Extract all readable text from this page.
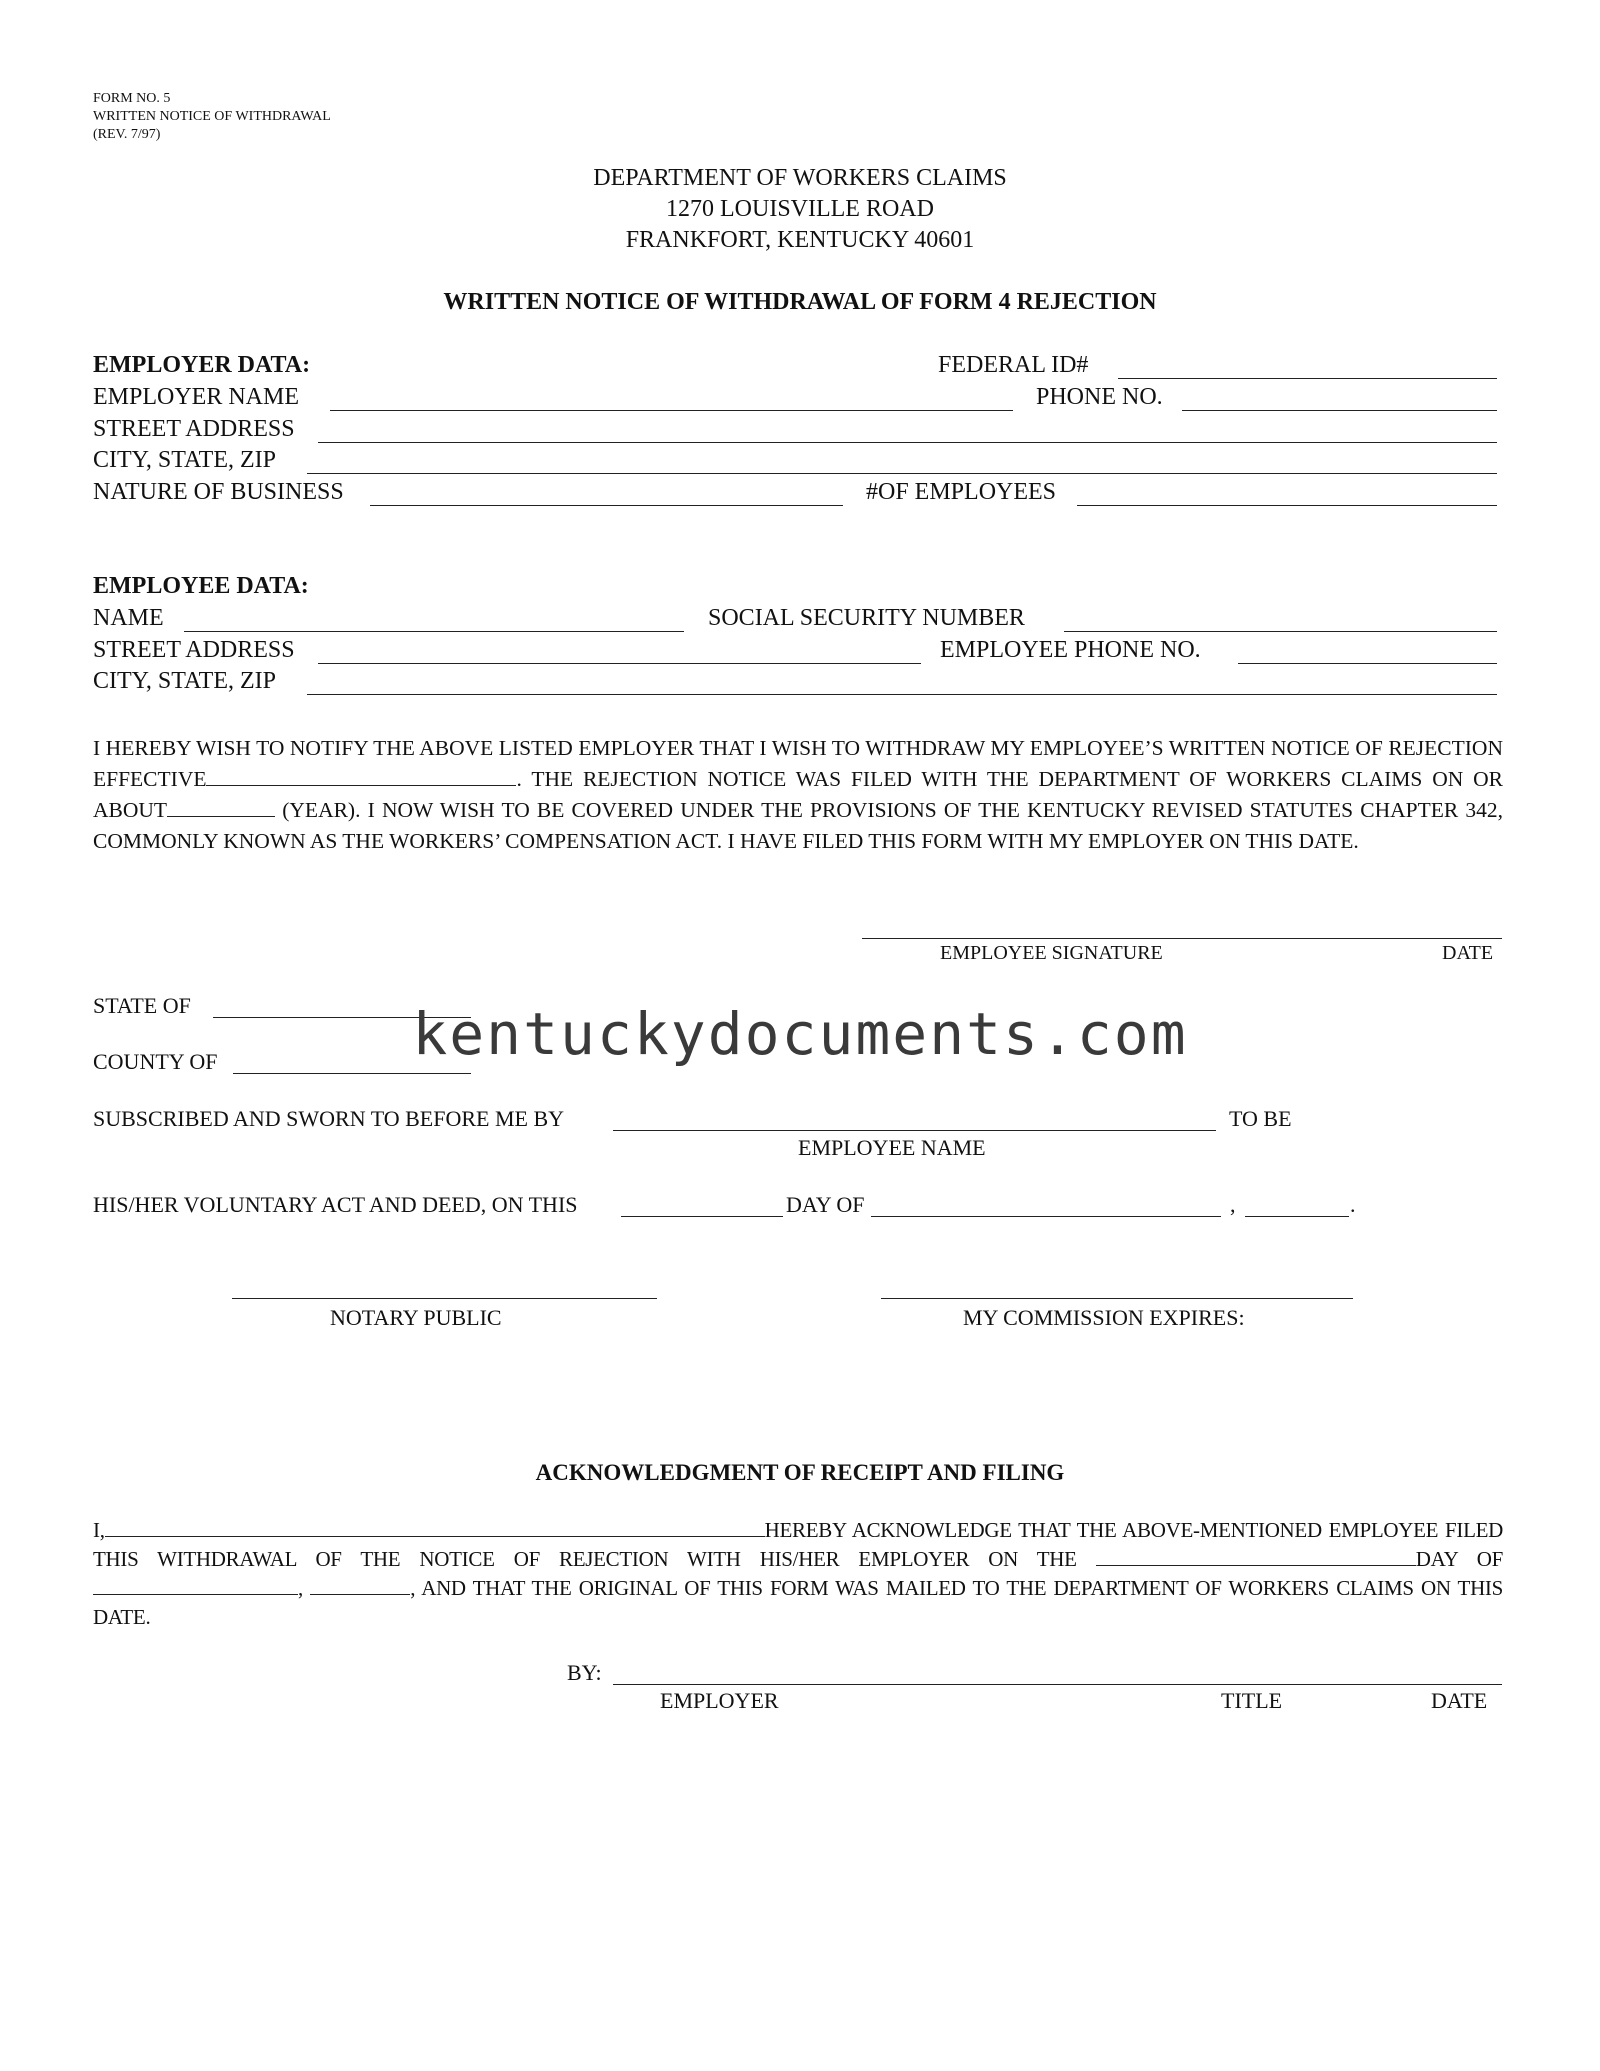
FORM NO. 5
WRITTEN NOTICE OF WITHDRAWAL
(REV. 7/97)
DEPARTMENT OF WORKERS CLAIMS
1270 LOUISVILLE ROAD
FRANKFORT, KENTUCKY 40601
WRITTEN NOTICE OF WITHDRAWAL OF FORM 4 REJECTION
EMPLOYER DATA:	FEDERAL ID#
EMPLOYER NAME	PHONE NO.
STREET ADDRESS
CITY, STATE, ZIP
NATURE OF BUSINESS	#OF EMPLOYEES
EMPLOYEE DATA:
NAME	SOCIAL SECURITY NUMBER
STREET ADDRESS	EMPLOYEE PHONE NO.
CITY, STATE, ZIP
I HEREBY WISH TO NOTIFY THE ABOVE LISTED EMPLOYER THAT I WISH TO WITHDRAW MY EMPLOYEE’S WRITTEN NOTICE OF REJECTION EFFECTIVE	. THE REJECTION NOTICE WAS FILED WITH THE DEPARTMENT OF WORKERS CLAIMS ON OR ABOUT	(YEAR). I NOW WISH TO BE COVERED UNDER THE PROVISIONS OF THE KENTUCKY REVISED STATUTES CHAPTER 342, COMMONLY KNOWN AS THE WORKERS’ COMPENSATION ACT. I HAVE FILED THIS FORM WITH MY EMPLOYER ON THIS DATE.
EMPLOYEE SIGNATURE	DATE
STATE OF
COUNTY OF	kentuckydocuments.com
SUBSCRIBED AND SWORN TO BEFORE ME BY	TO BE
EMPLOYEE NAME
HIS/HER VOLUNTARY ACT AND DEED, ON THIS	DAY OF	,	.
NOTARY PUBLIC	MY COMMISSION EXPIRES:
ACKNOWLEDGMENT OF RECEIPT AND FILING
I,	HEREBY ACKNOWLEDGE THAT THE ABOVE-MENTIONED EMPLOYEE FILED THIS WITHDRAWAL OF THE NOTICE OF REJECTION WITH HIS/HER EMPLOYER ON THE	DAY OF ,	, AND THAT THE ORIGINAL OF THIS FORM WAS MAILED TO THE DEPARTMENT OF WORKERS CLAIMS ON THIS DATE.
BY:
EMPLOYER	TITLE	DATE
